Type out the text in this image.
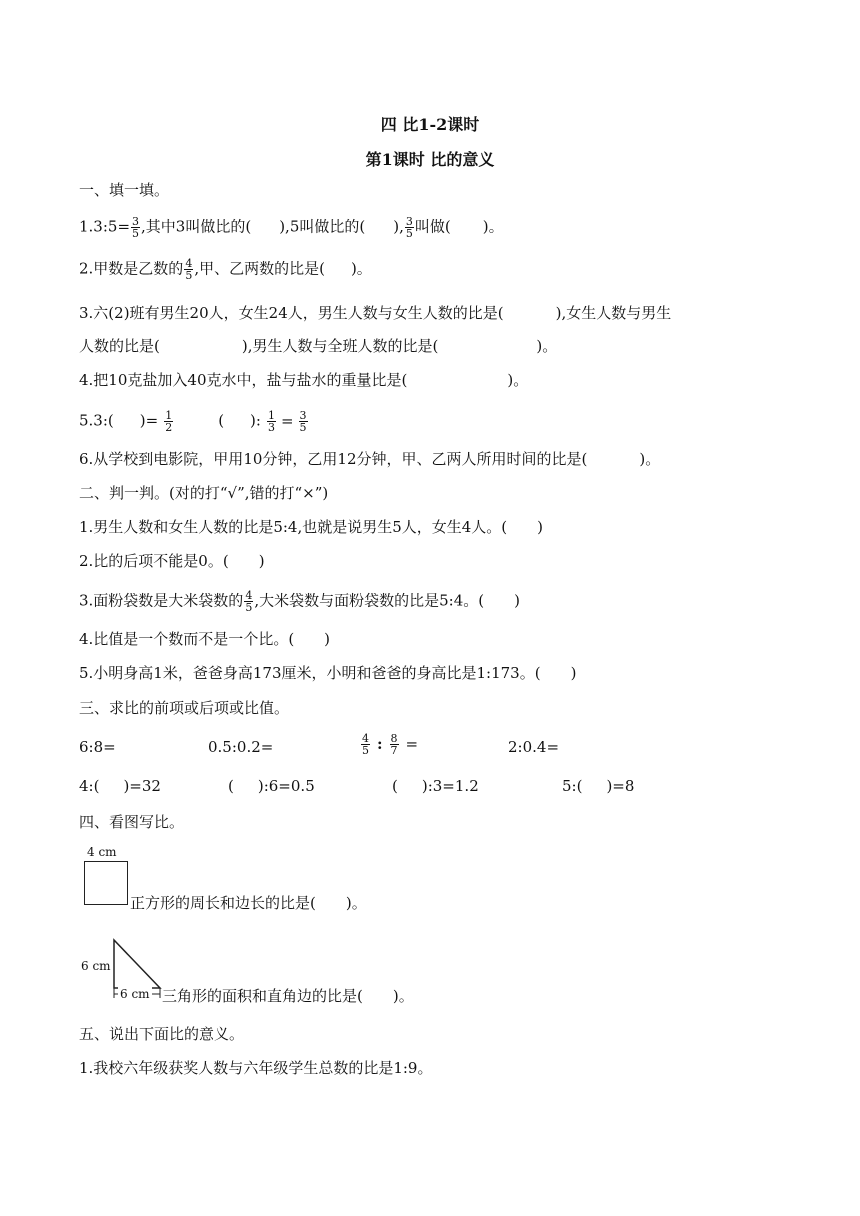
四 比1-2课时
第1课时 比的意义
一、填一填。
1.3:5= $\frac{3}{5}$ ,其中3叫做比的( ),5叫做比的( ), $\frac{3}{5}$ 叫做( )。
2.甲数是乙数的 $\frac{4}{5}$ ,甲、乙两数的比是( )。
3.六(2)班有男生20人，女生24人，男生人数与女生人数的比是(	),女生人数与男生
人数的比是(	),男生人数与全班人数的比是(	)。
4.把10克盐加入40克水中，盐与盐水的重量比是(	)。
5.3:( )= $\frac{1}{2}$	( ): $\frac{1}{3} = \frac{3}{5}$
6.从学校到电影院，甲用10分钟，乙用12分钟，甲、乙两人所用时间的比是(	)。
二、判一判。(对的打“√”,错的打“×”)
1.男生人数和女生人数的比是5:4,也就是说男生5人，女生4人。( )
2.比的后项不能是0。( )
3.面粉袋数是大米袋数的 $\frac{4}{5}$ ,大米袋数与面粉袋数的比是5:4。( )
4.比值是一个数而不是一个比。( )
5.小明身高1米，爸爸身高173厘米，小明和爸爸的身高比是1:173。( )
三、求比的前项或后项或比值。
6:8=	0.5:0.2=	$\frac{4}{5}$ : $\frac{8}{7}$ =	2:0.4=
4:( )=32	( ):6=0.5	( ):3=1.2	5:( )=8
四、看图写比。
4 cm
正方形的周长和边长的比是( )。
6 cm
6 cm 三角形的面积和直角边的比是( )。
五、说出下面比的意义。
1.我校六年级获奖人数与六年级学生总数的比是1:9。
